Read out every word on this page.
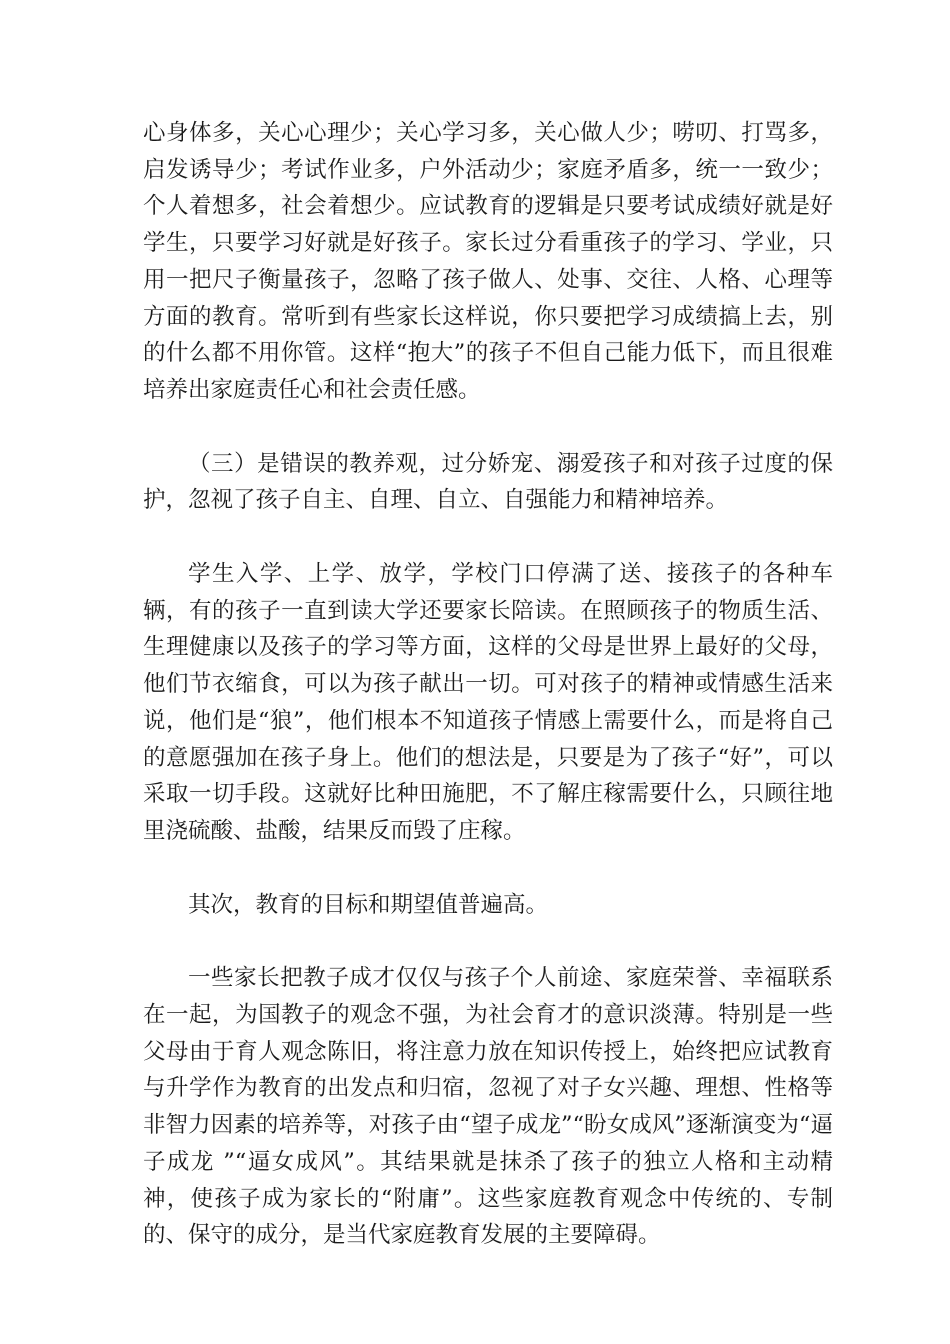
心身体多，关心心理少；关心学习多，关心做人少；唠叨、打骂多，启发诱导少；考试作业多，户外活动少；家庭矛盾多，统一一致少；个人着想多，社会着想少。应试教育的逻辑是只要考试成绩好就是好学生，只要学习好就是好孩子。家长过分看重孩子的学习、学业，只用一把尺子衡量孩子，忽略了孩子做人、处事、交往、人格、心理等方面的教育。常听到有些家长这样说，你只要把学习成绩搞上去，别的什么都不用你管。这样“抱大”的孩子不但自己能力低下，而且很难培养出家庭责任心和社会责任感。

（三）是错误的教养观，过分娇宠、溺爱孩子和对孩子过度的保护，忽视了孩子自主、自理、自立、自强能力和精神培养。

学生入学、上学、放学，学校门口停满了送、接孩子的各种车辆，有的孩子一直到读大学还要家长陪读。在照顾孩子的物质生活、生理健康以及孩子的学习等方面，这样的父母是世界上最好的父母，他们节衣缩食，可以为孩子献出一切。可对孩子的精神或情感生活来说，他们是“狼”，他们根本不知道孩子情感上需要什么，而是将自己的意愿强加在孩子身上。他们的想法是，只要是为了孩子“好”，可以采取一切手段。这就好比种田施肥，不了解庄稼需要什么，只顾往地里浇硫酸、盐酸，结果反而毁了庄稼。

其次，教育的目标和期望值普遍高。

一些家长把教子成才仅仅与孩子个人前途、家庭荣誉、幸福联系在一起，为国教子的观念不强，为社会育才的意识淡薄。特别是一些父母由于育人观念陈旧，将注意力放在知识传授上，始终把应试教育与升学作为教育的出发点和归宿，忽视了对子女兴趣、理想、性格等非智力因素的培养等，对孩子由“望子成龙”“盼女成风”逐渐演变为“逼子成龙 ”“逼女成风”。其结果就是抹杀了孩子的独立人格和主动精神，使孩子成为家长的“附庸”。这些家庭教育观念中传统的、专制的、保守的成分，是当代家庭教育发展的主要障碍。
